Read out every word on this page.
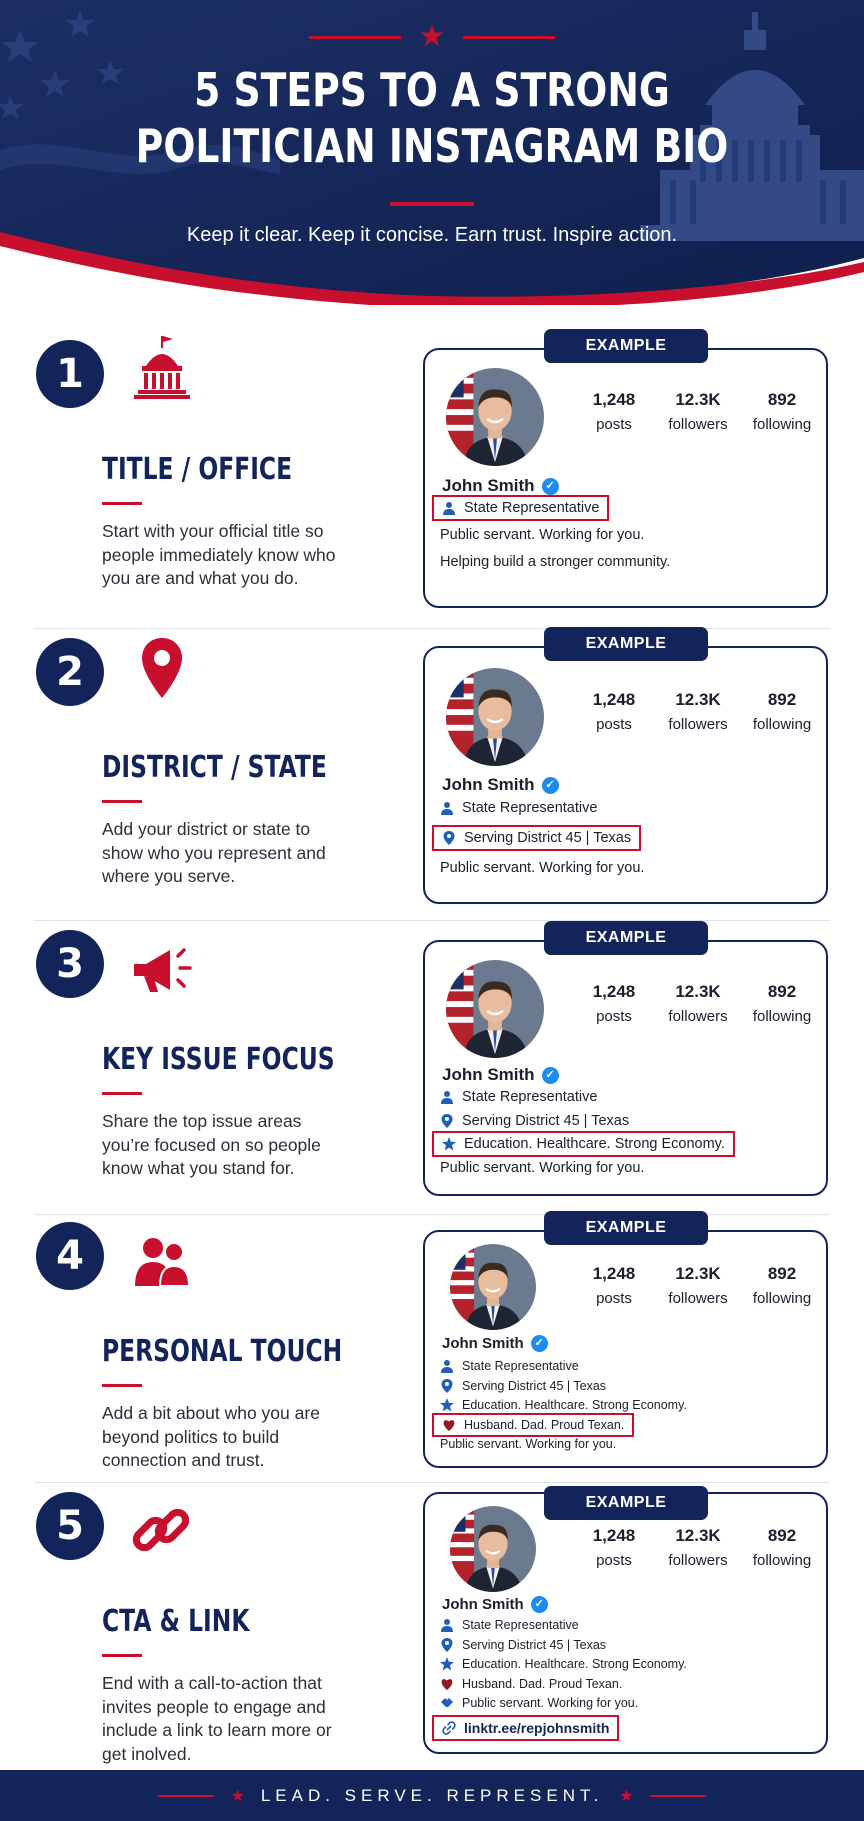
★
5 STEPS TO A STRONG
POLITICIAN INSTAGRAM BIO
Keep it clear. Keep it concise. Earn trust. Inspire action.
1
TITLE / OFFICE
Start with your official title so people immediately know who you are and what you do.
EXAMPLE
1,248
posts
12.3K
followers
892
following
John Smith ✓
State Representative
Public servant. Working for you.
Helping build a stronger community.
2
DISTRICT / STATE
Add your district or state to show who you represent and where you serve.
EXAMPLE
1,248
posts
12.3K
followers
892
following
John Smith ✓
State Representative
Serving District 45 | Texas
Public servant. Working for you.
3
KEY ISSUE FOCUS
Share the top issue areas you’re focused on so people know what you stand for.
EXAMPLE
1,248
posts
12.3K
followers
892
following
John Smith ✓
State Representative
Serving District 45 | Texas
Education. Healthcare. Strong Economy.
Public servant. Working for you.
4
PERSONAL TOUCH
Add a bit about who you are beyond politics to build connection and trust.
EXAMPLE
1,248
posts
12.3K
followers
892
following
John Smith ✓
State Representative
Serving District 45 | Texas
Education. Healthcare. Strong Economy.
Husband. Dad. Proud Texan.
Public servant. Working for you.
5
CTA & LINK
End with a call-to-action that invites people to engage and include a link to learn more or get inolved.
EXAMPLE
1,248
posts
12.3K
followers
892
following
John Smith ✓
State Representative
Serving District 45 | Texas
Education. Healthcare. Strong Economy.
Husband. Dad. Proud Texan.
Public servant. Working for you.
linktr.ee/repjohnsmith
★ LEAD. SERVE. REPRESENT. ★
